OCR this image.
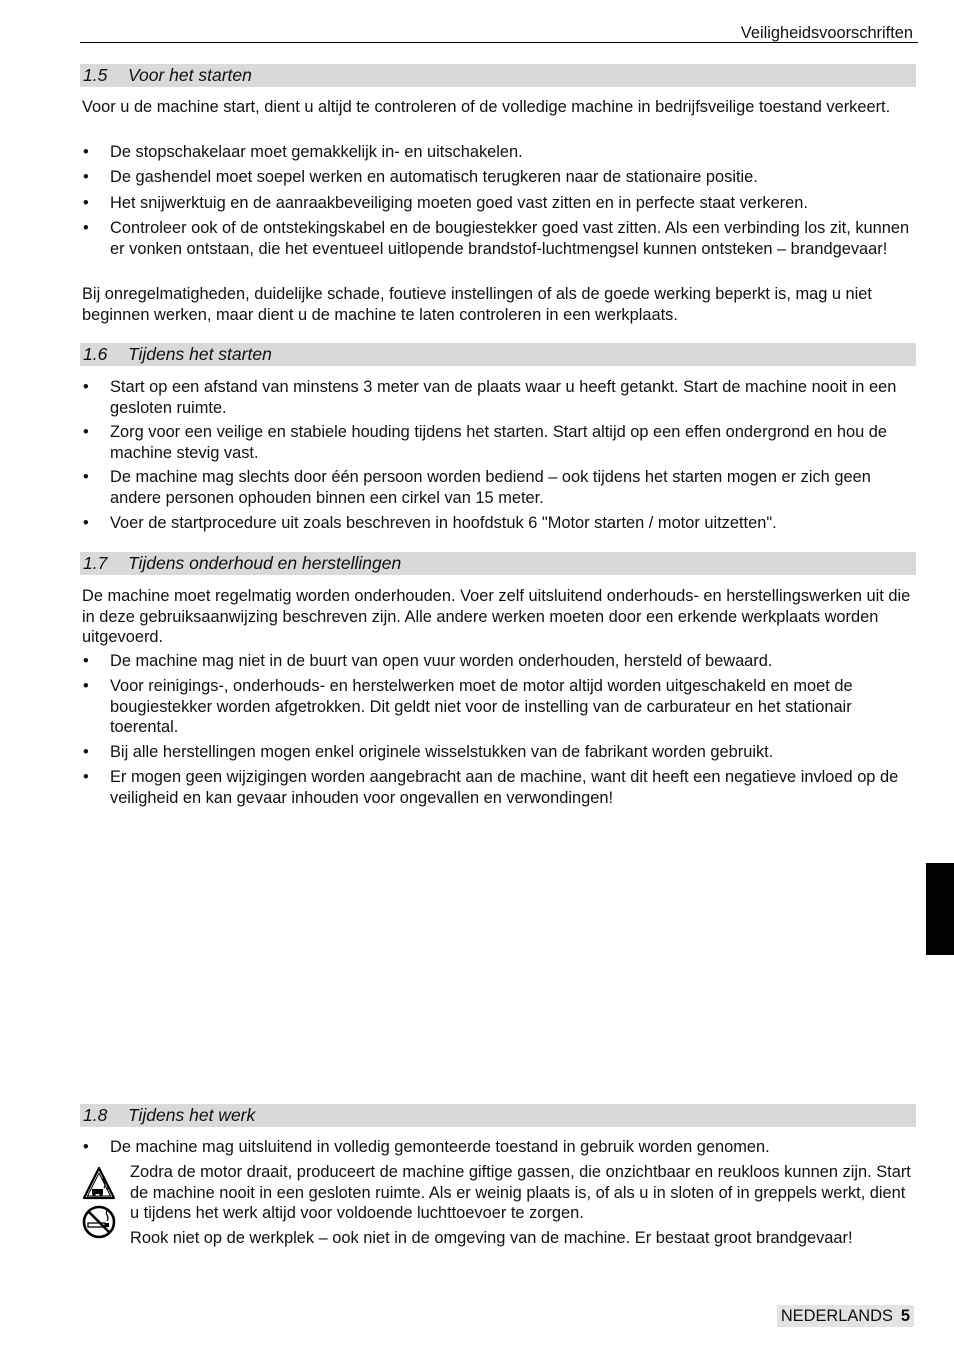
Veiligheidsvoorschriften
1.5 Voor het starten

Voor u de machine start, dient u altijd te controleren of de volledige machine in bedrijfsveilige toestand verkeert.

• De stopschakelaar moet gemakkelijk in- en uitschakelen.
• De gashendel moet soepel werken en automatisch terugkeren naar de stationaire positie.
• Het snijwerktuig en de aanraakbeveiliging moeten goed vast zitten en in perfecte staat verkeren.
• Controleer ook of de ontstekingskabel en de bougiestekker goed vast zitten. Als een verbinding los zit, kunnen er vonken ontstaan, die het eventueel uitlopende brandstof-luchtmengsel kunnen ontsteken – brandgevaar!

Bij onregelmatigheden, duidelijke schade, foutieve instellingen of als de goede werking beperkt is, mag u niet beginnen werken, maar dient u de machine te laten controleren in een werkplaats.

1.6 Tijdens het starten
• Start op een afstand van minstens 3 meter van de plaats waar u heeft getankt. Start de machine nooit in een gesloten ruimte.
• Zorg voor een veilige en stabiele houding tijdens het starten. Start altijd op een effen ondergrond en hou de machine stevig vast.
• De machine mag slechts door één persoon worden bediend – ook tijdens het starten mogen er zich geen andere personen ophouden binnen een cirkel van 15 meter.
• Voer de startprocedure uit zoals beschreven in hoofdstuk 6 "Motor starten / motor uitzetten".
1.7 Tijdens onderhoud en herstellingen

De machine moet regelmatig worden onderhouden. Voer zelf uitsluitend onderhouds- en herstellingswerken uit die in deze gebruiksaanwijzing beschreven zijn. Alle andere werken moeten door een erkende werkplaats worden uitgevoerd.

• De machine mag niet in de buurt van open vuur worden onderhouden, hersteld of bewaard.
• Voor reinigings-, onderhouds- en herstelwerken moet de motor altijd worden uitgeschakeld en moet de bougiestekker worden afgetrokken. Dit geldt niet voor de instelling van de carburateur en het stationair toerental.
• Bij alle herstellingen mogen enkel originele wisselstukken van de fabrikant worden gebruikt.
• Er mogen geen wijzigingen worden aangebracht aan de machine, want dit heeft een negatieve invloed op de veiligheid en kan gevaar inhouden voor ongevallen en verwondingen!
1.8 Tijdens het werk
• De machine mag uitsluitend in volledig gemonteerde toestand in gebruik worden genomen.

Zodra de motor draait, produceert de machine giftige gassen, die onzichtbaar en reukloos kunnen zijn. Start de machine nooit in een gesloten ruimte. Als er weinig plaats is, of als u in sloten of in greppels werkt, dient u tijdens het werk altijd voor voldoende luchttoevoer te zorgen.

Rook niet op de werkplek – ook niet in de omgeving van de machine. Er bestaat groot brandgevaar!

NEDERLANDS 5
